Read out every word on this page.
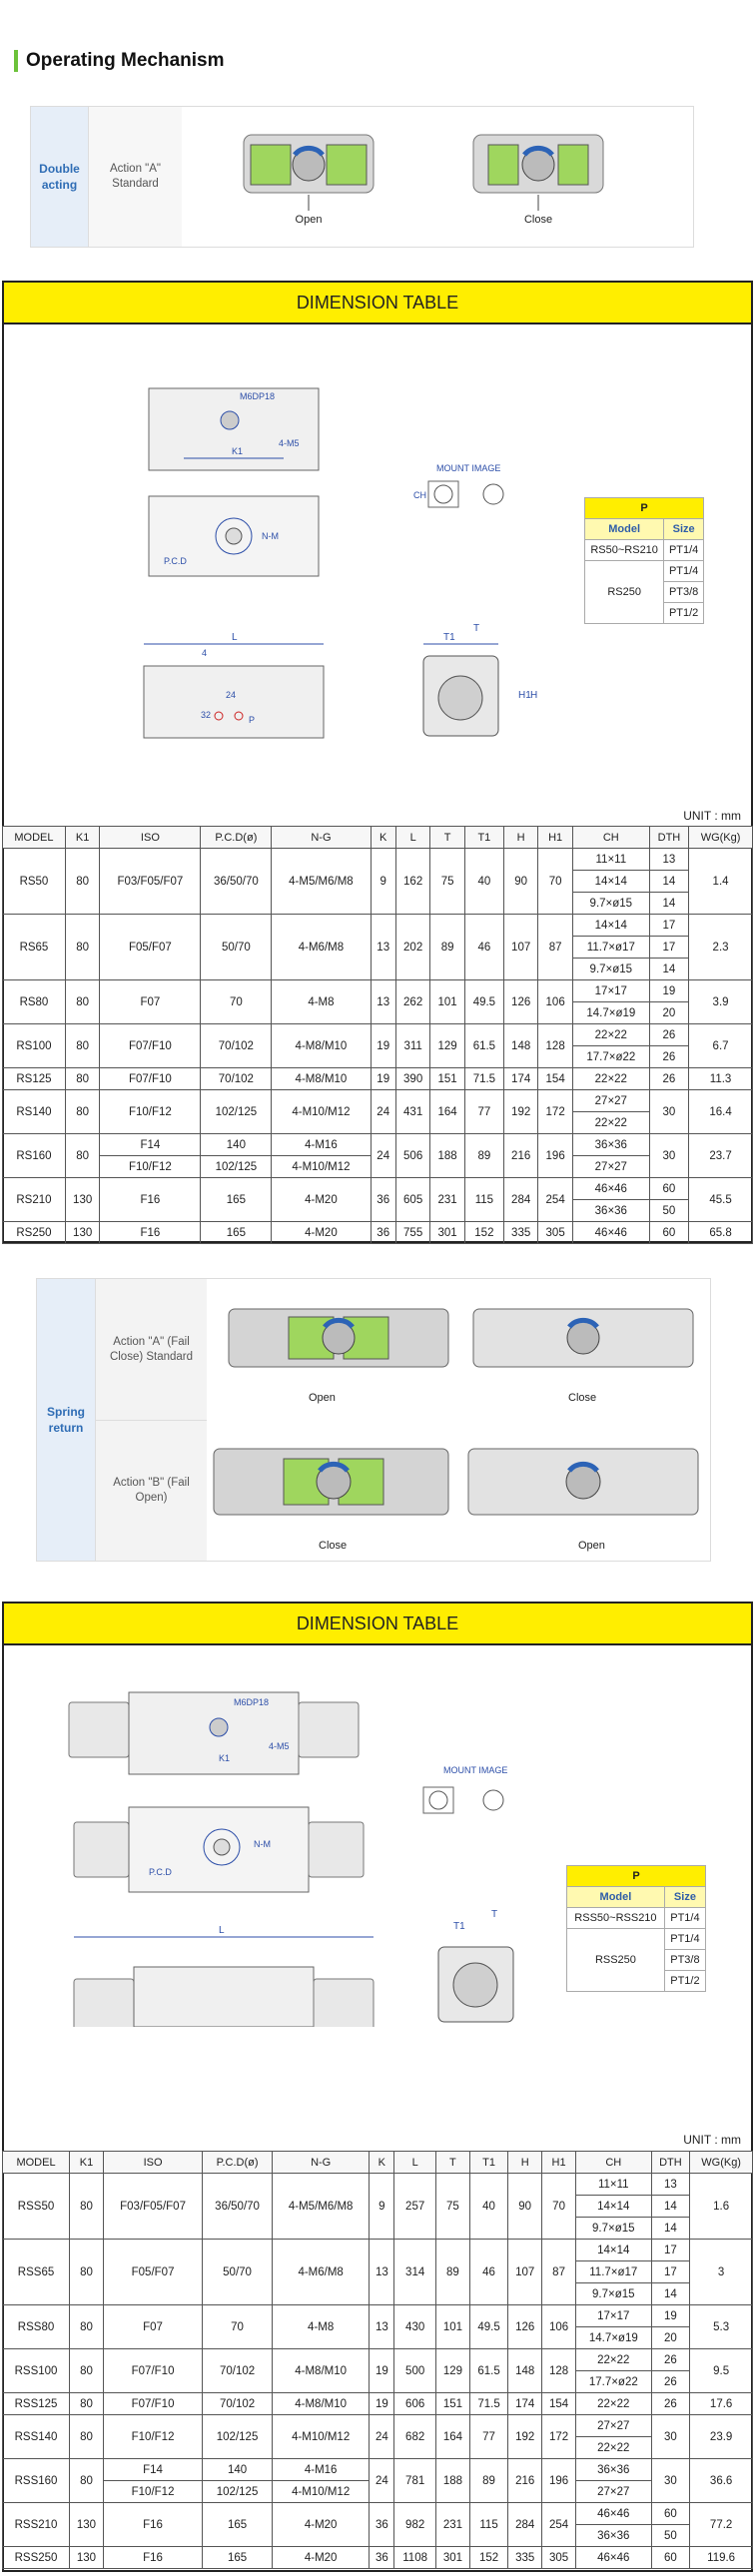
Operating Mechanism
Double acting
Action "A" Standard
Open	Close
DIMENSION TABLE
M6DP18
4-M5
K1
P.C.D
N-M
MOUNT IMAGE
CH
L
4
24
32	P
T1
T
H1 H
P	
Model	Size
RS50~RS210	PT1/4
RS250	PT1/4
	PT3/8
	PT1/2
UNIT : mm
MODEL	K1	ISO	P.C.D(ø)	N-G	K	L	T	T1	H	H1	CH	DTH	WG(Kg)
RS50	80	F03/F05/F07	36/50/70	4-M5/M6/M8	9	162	75	40	90	70	11×11	13	1.4
											14×14	14	
											9.7×ø15	14	
RS65	80	F05/F07	50/70	4-M6/M8	13	202	89	46	107	87	14×14	17	2.3
											11.7×ø17	17	
											9.7×ø15	14	
RS80	80	F07	70	4-M8	13	262	101	49.5	126	106	17×17	19	3.9
											14.7×ø19	20	
RS100	80	F07/F10	70/102	4-M8/M10	19	311	129	61.5	148	128	22×22	26	6.7
											17.7×ø22	26	
RS125	80	F07/F10	70/102	4-M8/M10	19	390	151	71.5	174	154	22×22	26	11.3
RS140	80	F10/F12	102/125	4-M10/M12	24	431	164	77	192	172	27×27	30	16.4
											22×22		
RS160	80	F14	140	4-M16	24	506	188	89	216	196	36×36	30	23.7
		F10/F12	102/125	4-M10/M12							27×27		
RS210	130	F16	165	4-M20	36	605	231	115	284	254	46×46	60	45.5
											36×36	50	
RS250	130	F16	165	4-M20	36	755	301	152	335	305	46×46	60	65.8
Spring return
Action "A" (Fail Close) Standard
Action "B" (Fail Open)
Open	Close
Close	Open
DIMENSION TABLE
M6DP18
4-M5
K1
P.C.D
N-M
MOUNT IMAGE
L	T1
T
P	
Model	Size
RSS50~RSS210	PT1/4
RSS250	PT1/4
	PT3/8
	PT1/2
UNIT : mm
MODEL	K1	ISO	P.C.D(ø)	N-G	K	L	T	T1	H	H1	CH	DTH	WG(Kg)
RSS50	80	F03/F05/F07	36/50/70	4-M5/M6/M8	9	257	75	40	90	70	11×11	13	1.6
											14×14	14	
											9.7×ø15	14	
RSS65	80	F05/F07	50/70	4-M6/M8	13	314	89	46	107	87	14×14	17	3
											11.7×ø17	17	
											9.7×ø15	14	
RSS80	80	F07	70	4-M8	13	430	101	49.5	126	106	17×17	19	5.3
											14.7×ø19	20	
RSS100	80	F07/F10	70/102	4-M8/M10	19	500	129	61.5	148	128	22×22	26	9.5
											17.7×ø22	26	
RSS125	80	F07/F10	70/102	4-M8/M10	19	606	151	71.5	174	154	22×22	26	17.6
RSS140	80	F10/F12	102/125	4-M10/M12	24	682	164	77	192	172	27×27	30	23.9
											22×22		
RSS160	80	F14	140	4-M16	24	781	188	89	216	196	36×36	30	36.6
		F10/F12	102/125	4-M10/M12							27×27		
RSS210	130	F16	165	4-M20	36	982	231	115	284	254	46×46	60	77.2
											36×36	50	
RSS250	130	F16	165	4-M20	36	1108	301	152	335	305	46×46	60	119.6
